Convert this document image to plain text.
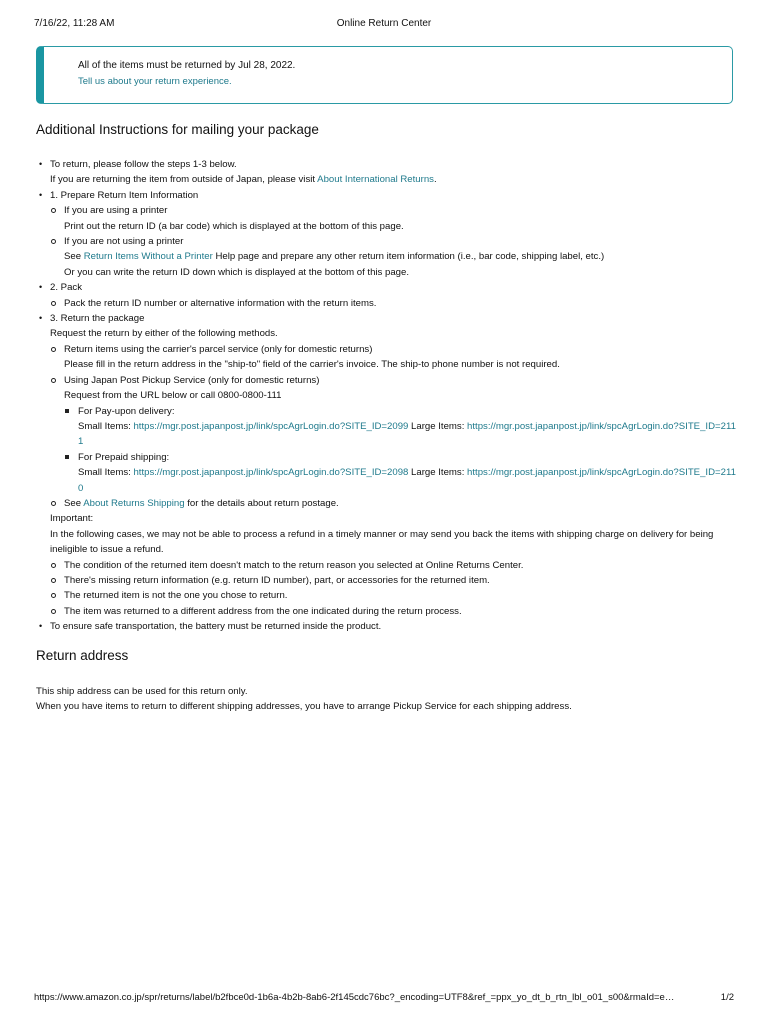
7/16/22, 11:28 AM	Online Return Center
All of the items must be returned by Jul 28, 2022.
Tell us about your return experience.
Additional Instructions for mailing your package
• To return, please follow the steps 1-3 below.
If you are returning the item from outside of Japan, please visit About International Returns.
• 1. Prepare Return Item Information
If you are using a printer
Print out the return ID (a bar code) which is displayed at the bottom of this page.
If you are not using a printer
See Return Items Without a Printer Help page and prepare any other return item information (i.e., bar code, shipping label, etc.)
Or you can write the return ID down which is displayed at the bottom of this page.
• 2. Pack
Pack the return ID number or alternative information with the return items.
• 3. Return the package
Request the return by either of the following methods.
Return items using the carrier's parcel service (only for domestic returns)
Please fill in the return address in the "ship-to" field of the carrier's invoice. The ship-to phone number is not required.
Using Japan Post Pickup Service (only for domestic returns)
Request from the URL below or call 0800-0800-111
For Pay-upon delivery:
Small Items: https://mgr.post.japanpost.jp/link/spcAgrLogin.do?SITE_ID=2099 Large Items: https://mgr.post.japanpost.jp/link/spcAgrLogin.do?SITE_ID=2111
For Prepaid shipping:
Small Items: https://mgr.post.japanpost.jp/link/spcAgrLogin.do?SITE_ID=2098 Large Items: https://mgr.post.japanpost.jp/link/spcAgrLogin.do?SITE_ID=2110
See About Returns Shipping for the details about return postage.
Important:
In the following cases, we may not be able to process a refund in a timely manner or may send you back the items with shipping charge on delivery for being ineligible to issue a refund.
The condition of the returned item doesn't match to the return reason you selected at Online Returns Center.
There's missing return information (e.g. return ID number), part, or accessories for the returned item.
The returned item is not the one you chose to return.
The item was returned to a different address from the one indicated during the return process.
• To ensure safe transportation, the battery must be returned inside the product.
Return address
This ship address can be used for this return only.
When you have items to return to different shipping addresses, you have to arrange Pickup Service for each shipping address.
https://www.amazon.co.jp/spr/returns/label/b2fbce0d-1b6a-4b2b-8ab6-2f145cdc76bc?_encoding=UTF8&ref_=ppx_yo_dt_b_rtn_lbl_o01_s00&rmaId=e…	1/2
